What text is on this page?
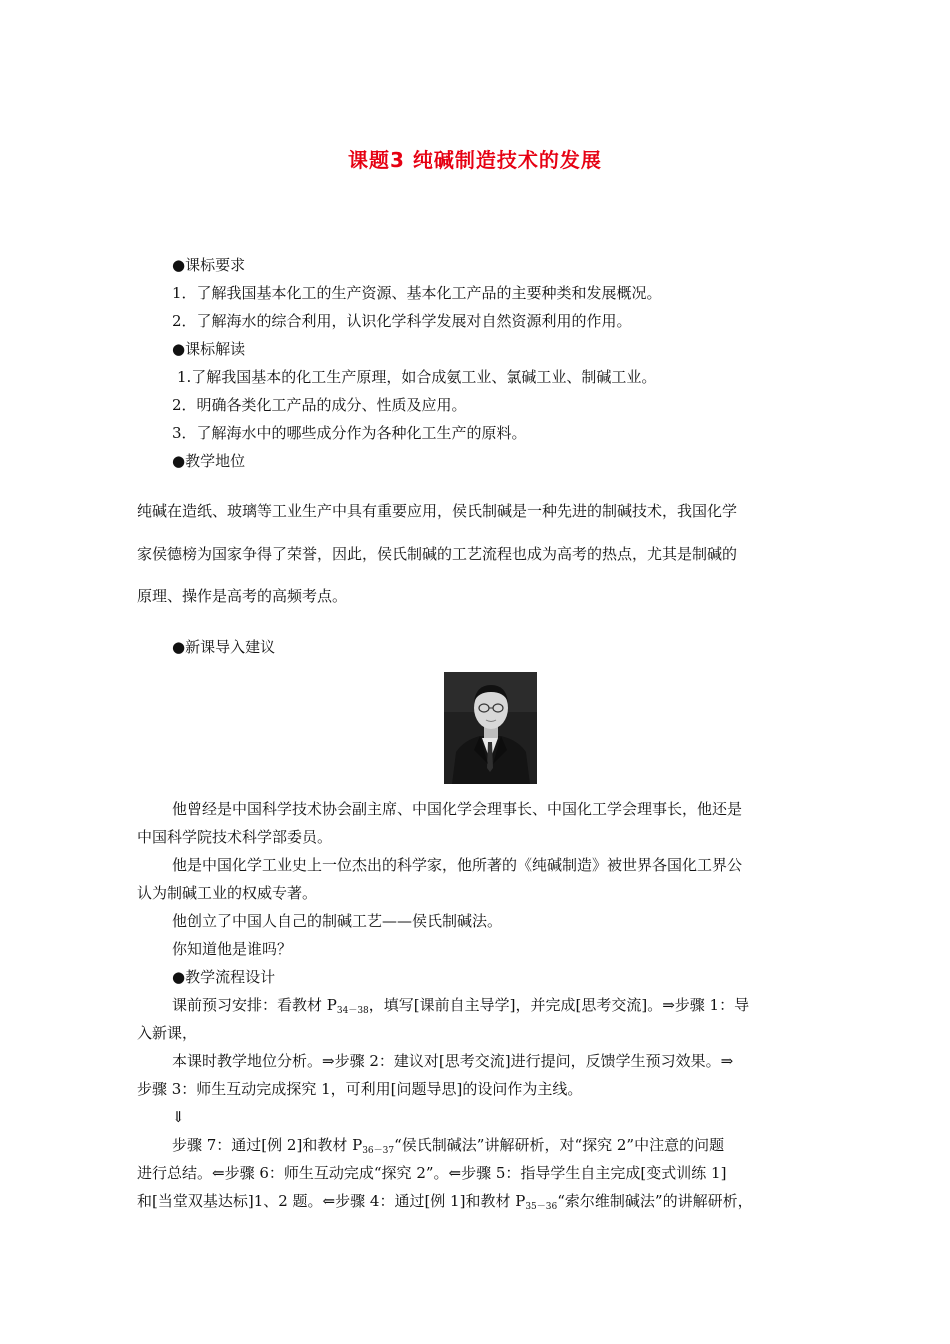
课题3 纯碱制造技术的发展
●课标要求
1．了解我国基本化工的生产资源、基本化工产品的主要种类和发展概况。
2．了解海水的综合利用，认识化学科学发展对自然资源利用的作用。
●课标解读
1.了解我国基本的化工生产原理，如合成氨工业、氯碱工业、制碱工业。
2．明确各类化工产品的成分、性质及应用。
3．了解海水中的哪些成分作为各种化工生产的原料。
●教学地位
纯碱在造纸、玻璃等工业生产中具有重要应用，侯氏制碱是一种先进的制碱技术，我国化学
家侯德榜为国家争得了荣誉，因此，侯氏制碱的工艺流程也成为高考的热点，尤其是制碱的
原理、操作是高考的高频考点。
●新课导入建议
他曾经是中国科学技术协会副主席、中国化学会理事长、中国化工学会理事长，他还是
中国科学院技术科学部委员。
他是中国化学工业史上一位杰出的科学家，他所著的《纯碱制造》被世界各国化工界公
认为制碱工业的权威专著。
他创立了中国人自己的制碱工艺——侯氏制碱法。
你知道他是谁吗？
●教学流程设计
课前预习安排：看教材 $P_{34-38}$，填写[课前自主导学]，并完成[思考交流]。⇒步骤 1：导
入新课，
本课时教学地位分析。⇒步骤 2：建议对[思考交流]进行提问，反馈学生预习效果。⇒
步骤 3：师生互动完成探究 1，可利用[问题导思]的设问作为主线。
⇓
步骤 7：通过[例 2]和教材 $P_{36-37}“$侯氏制碱法”讲解研析，对“探究 2”中注意的问题
进行总结。⇐步骤 6：师生互动完成“探究 2”。⇐步骤 5：指导学生自主完成[变式训练 1]
和[当堂双基达标]1、2 题。⇐步骤 4：通过[例 1]和教材 $P_{35-36}“$索尔维制碱法”的讲解研析，
